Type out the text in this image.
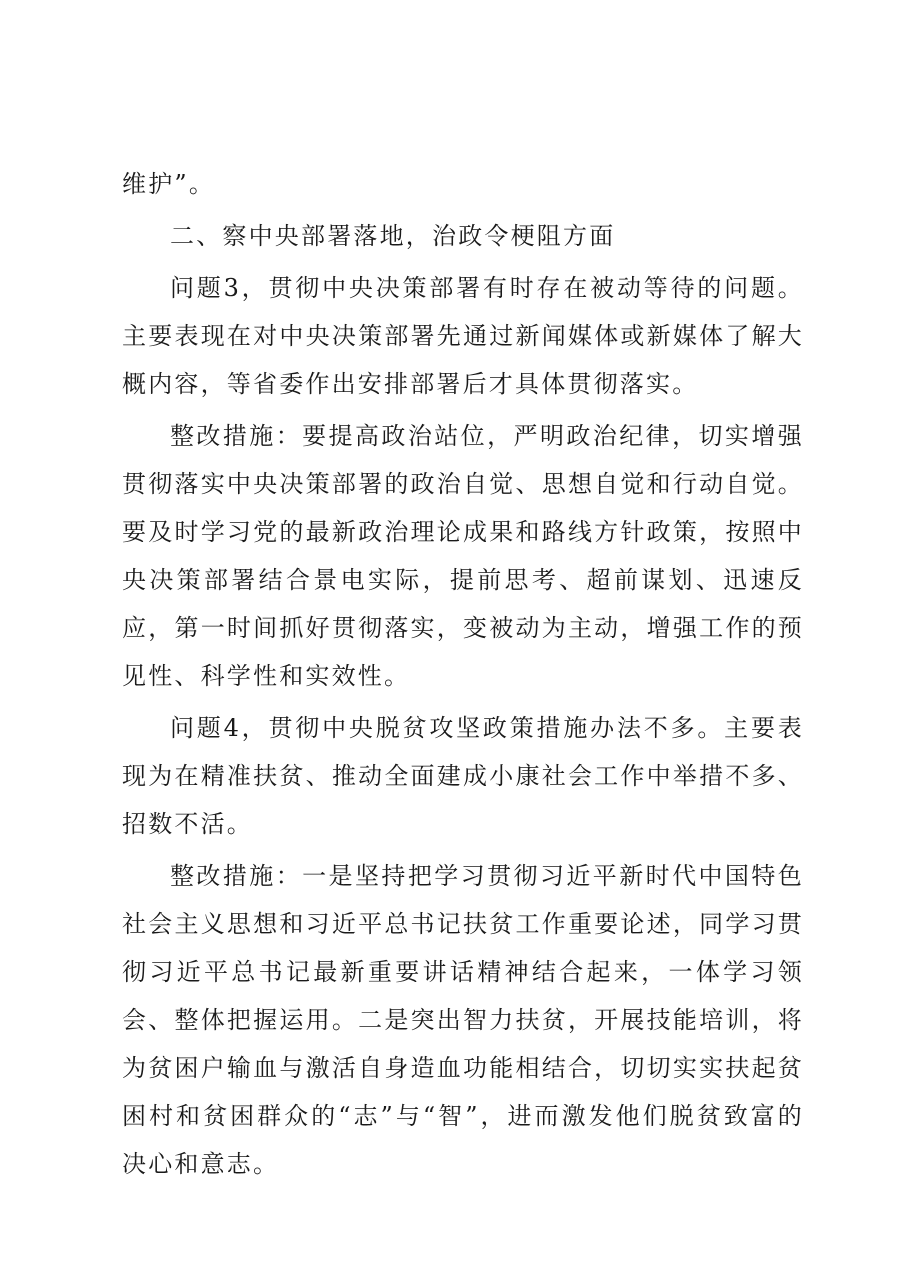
维护”。

二、察中央部署落地，治政令梗阻方面

问题3，贯彻中央决策部署有时存在被动等待的问题。主要表现在对中央决策部署先通过新闻媒体或新媒体了解大概内容，等省委作出安排部署后才具体贯彻落实。

整改措施：要提高政治站位，严明政治纪律，切实增强贯彻落实中央决策部署的政治自觉、思想自觉和行动自觉。要及时学习党的最新政治理论成果和路线方针政策，按照中央决策部署结合景电实际，提前思考、超前谋划、迅速反应，第一时间抓好贯彻落实，变被动为主动，增强工作的预见性、科学性和实效性。

问题4，贯彻中央脱贫攻坚政策措施办法不多。主要表现为在精准扶贫、推动全面建成小康社会工作中举措不多、招数不活。

整改措施：一是坚持把学习贯彻习近平新时代中国特色社会主义思想和习近平总书记扶贫工作重要论述，同学习贯彻习近平总书记最新重要讲话精神结合起来，一体学习领会、整体把握运用。二是突出智力扶贫，开展技能培训，将为贫困户输血与激活自身造血功能相结合，切切实实扶起贫困村和贫困群众的“志”与“智”，进而激发他们脱贫致富的决心和意志。
